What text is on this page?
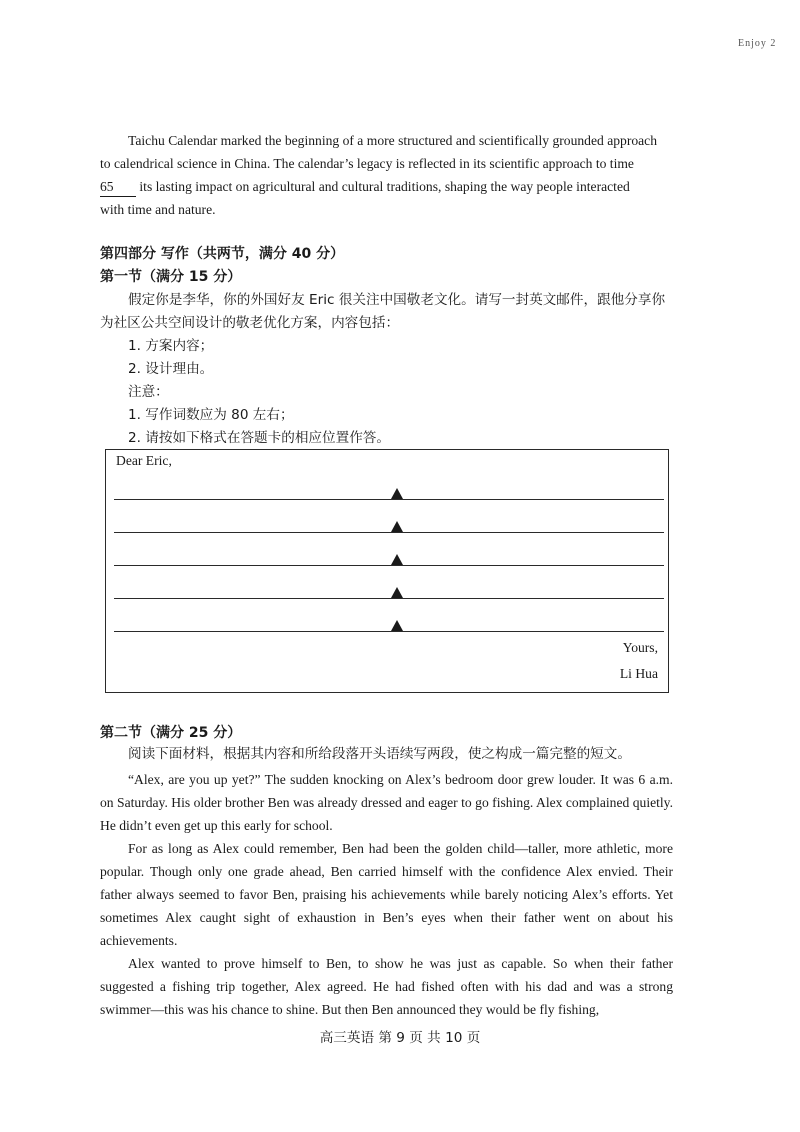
Enjoy 2
Taichu Calendar marked the beginning of a more structured and scientifically grounded approach
to calendrical science in China. The calendar’s legacy is reflected in its scientific approach to time
65 its lasting impact on agricultural and cultural traditions, shaping the way people interacted
with time and nature.
第四部分 写作（共两节，满分 40 分）
第一节（满分 15 分）
假定你是李华，你的外国好友 Eric 很关注中国敬老文化。请写一封英文邮件，跟他分享你
为社区公共空间设计的敬老优化方案，内容包括：
1. 方案内容；
2. 设计理由。
注意：
1. 写作词数应为 80 左右；
2. 请按如下格式在答题卡的相应位置作答。
Dear Eric,
Yours,
Li Hua
第二节（满分 25 分）
阅读下面材料，根据其内容和所给段落开头语续写两段，使之构成一篇完整的短文。
“Alex, are you up yet?” The sudden knocking on Alex’s bedroom door grew louder. It was 6 a.m. on Saturday. His older brother Ben was already dressed and eager to go fishing. Alex complained quietly. He didn’t even get up this early for school.
For as long as Alex could remember, Ben had been the golden child—taller, more athletic, more popular. Though only one grade ahead, Ben carried himself with the confidence Alex envied. Their father always seemed to favor Ben, praising his achievements while barely noticing Alex’s efforts. Yet sometimes Alex caught sight of exhaustion in Ben’s eyes when their father went on about his achievements.
Alex wanted to prove himself to Ben, to show he was just as capable. So when their father suggested a fishing trip together, Alex agreed. He had fished often with his dad and was a strong swimmer—this was his chance to shine. But then Ben announced they would be fly fishing,
高三英语 第 9 页 共 10 页
